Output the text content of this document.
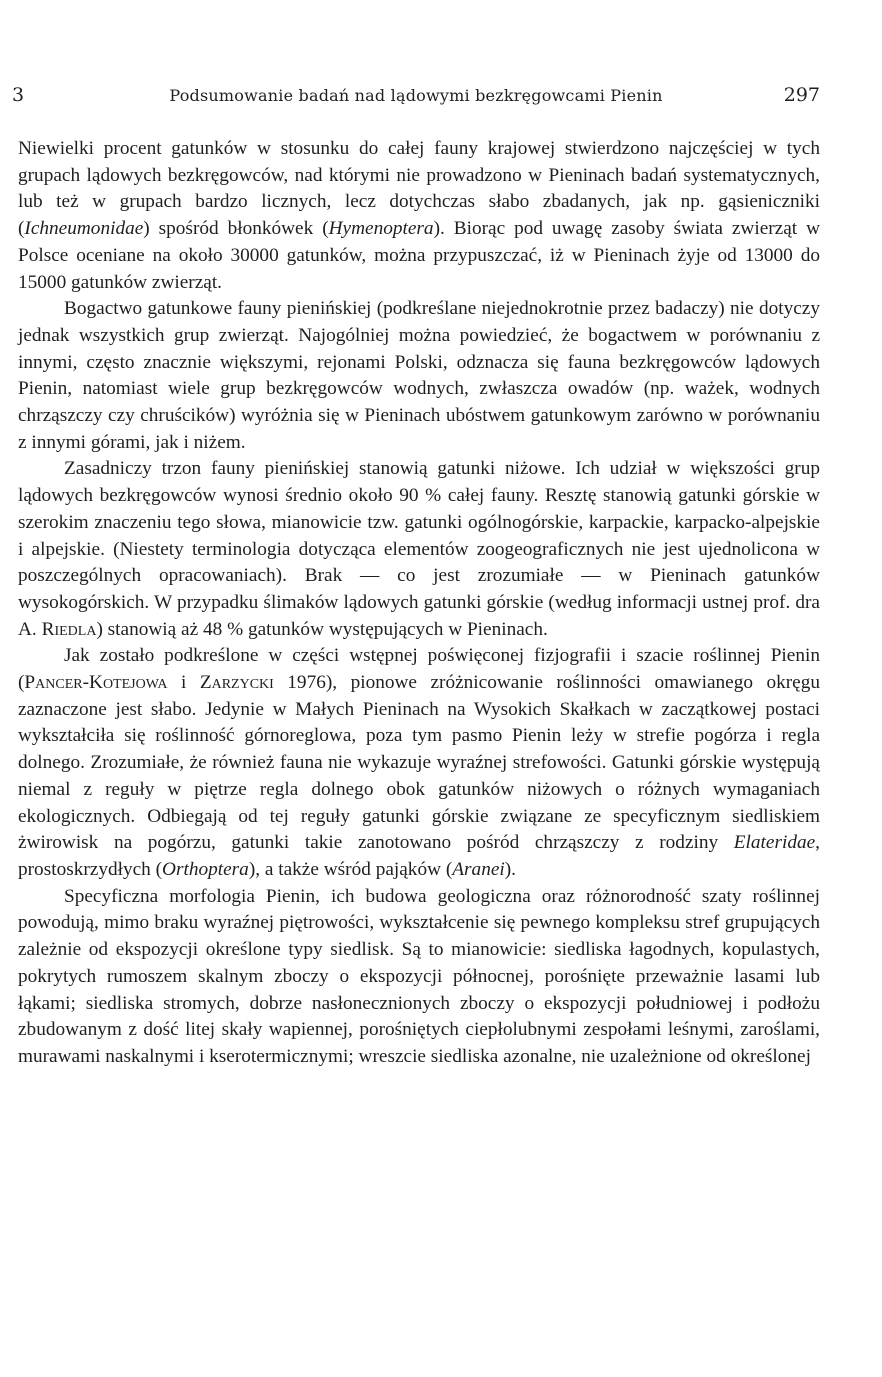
3	Podsumowanie badań nad lądowymi bezkręgowcami Pienin	297

Niewielki procent gatunków w stosunku do całej fauny krajowej stwierdzono najczęściej w tych grupach lądowych bezkręgowców, nad którymi nie prowadzono w Pieninach badań systematycznych, lub też w grupach bardzo licznych, lecz dotychczas słabo zbadanych, jak np. gąsieniczniki (Ichneumonidae) spośród błonkówek (Hymenoptera). Biorąc pod uwagę zasoby świata zwierząt w Polsce oceniane na około 30000 gatunków, można przypuszczać, iż w Pieninach żyje od 13000 do 15000 gatunków zwierząt.

Bogactwo gatunkowe fauny pienińskiej (podkreślane niejednokrotnie przez badaczy) nie dotyczy jednak wszystkich grup zwierząt. Najogólniej można powiedzieć, że bogactwem w porównaniu z innymi, często znacznie większymi, rejonami Polski, odznacza się fauna bezkręgowców lądowych Pienin, natomiast wiele grup bezkręgowców wodnych, zwłaszcza owadów (np. ważek, wodnych chrząszczy czy chruścików) wyróżnia się w Pieninach ubóstwem gatunkowym zarówno w porównaniu z innymi górami, jak i niżem.

Zasadniczy trzon fauny pienińskiej stanowią gatunki niżowe. Ich udział w większości grup lądowych bezkręgowców wynosi średnio około 90 % całej fauny. Resztę stanowią gatunki górskie w szerokim znaczeniu tego słowa, mianowicie tzw. gatunki ogólnogórskie, karpackie, karpacko-alpejskie i alpejskie. (Niestety terminologia dotycząca elementów zoogeograficznych nie jest ujednolicona w poszczególnych opracowaniach). Brak — co jest zrozumiałe — w Pieninach gatunków wysokogórskich. W przypadku ślimaków lądowych gatunki górskie (według informacji ustnej prof. dra A. Riedla) stanowią aż 48 % gatunków występujących w Pieninach.

Jak zostało podkreślone w części wstępnej poświęconej fizjografii i szacie roślinnej Pienin (Pancer-Kotejowa i Zarzycki 1976), pionowe zróżnicowanie roślinności omawianego okręgu zaznaczone jest słabo. Jedynie w Małych Pieninach na Wysokich Skałkach w zaczątkowej postaci wykształciła się roślinność górnoreglowa, poza tym pasmo Pienin leży w strefie pogórza i regla dolnego. Zrozumiałe, że również fauna nie wykazuje wyraźnej strefowości. Gatunki górskie występują niemal z reguły w piętrze regla dolnego obok gatunków niżowych o różnych wymaganiach ekologicznych. Odbiegają od tej reguły gatunki górskie związane ze specyficznym siedliskiem żwirowisk na pogórzu, gatunki takie zanotowano pośród chrząszczy z rodziny Elateridae, prostoskrzydłych (Orthoptera), a także wśród pająków (Aranei).

Specyficzna morfologia Pienin, ich budowa geologiczna oraz różnorodność szaty roślinnej powodują, mimo braku wyraźnej piętrowości, wykształcenie się pewnego kompleksu stref grupujących zależnie od ekspozycji określone typy siedlisk. Są to mianowicie: siedliska łagodnych, kopulastych, pokrytych rumoszem skalnym zboczy o ekspozycji północnej, porośnięte przeważnie lasami lub łąkami; siedliska stromych, dobrze nasłonecznionych zboczy o ekspozycji południowej i podłożu zbudowanym z dość litej skały wapiennej, porośniętych ciepłolubnymi zespołami leśnymi, zaroślami, murawami naskalnymi i kserotermicznymi; wreszcie siedliska azonalne, nie uzależnione od określonej
